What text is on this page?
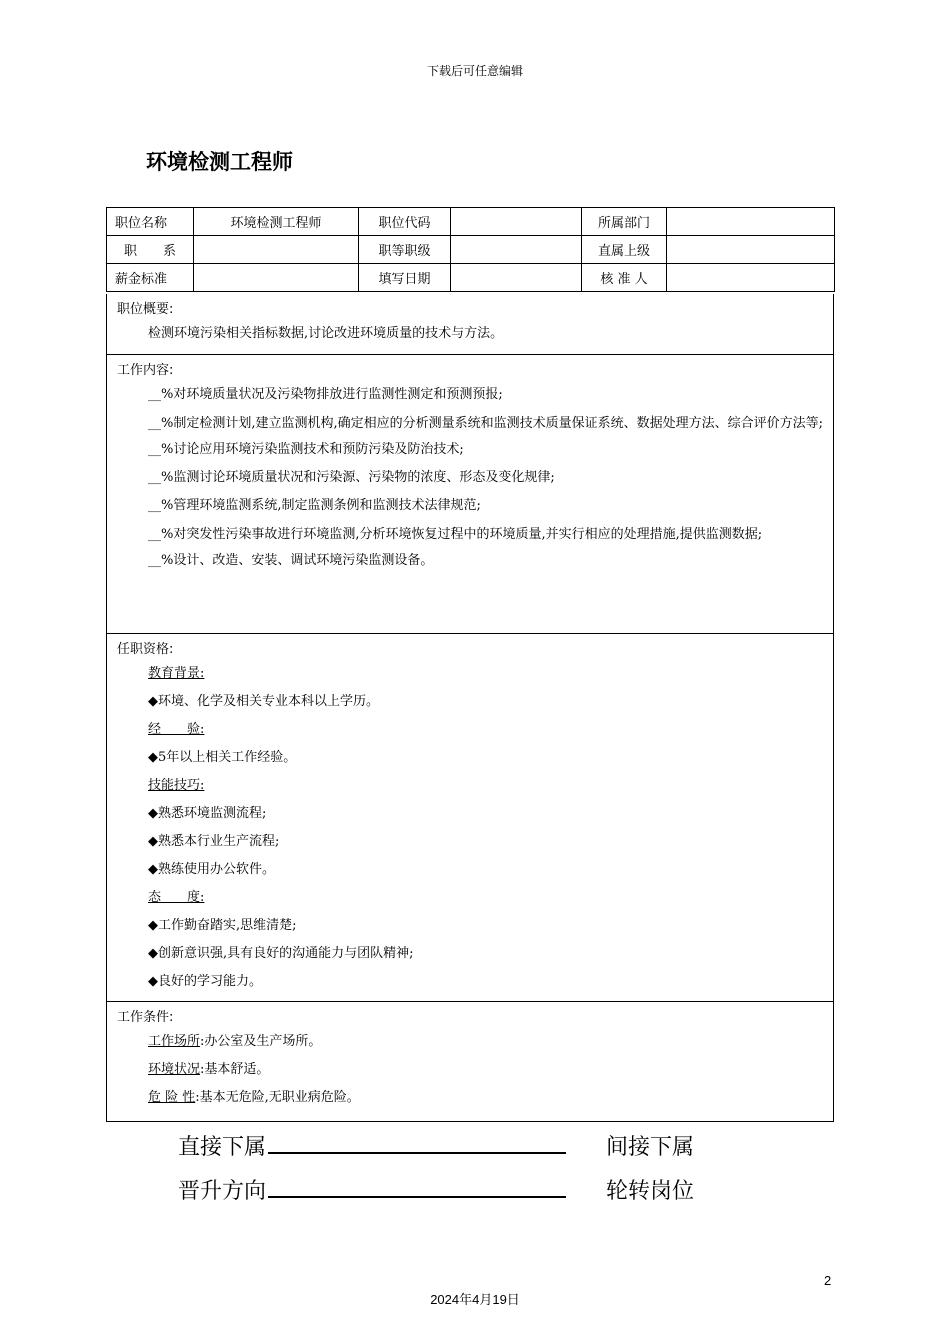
下载后可任意编辑
环境检测工程师
职位名称	环境检测工程师	职位代码		所属部门	
职　　系		职等职级		直属上级	
薪金标准		填写日期		核 准 人	
职位概要:

检测环境污染相关指标数据,讨论改进环境质量的技术与方法。

工作内容:

__%对环境质量状况及污染物排放进行监测性测定和预测预报;

__%制定检测计划,建立监测机构,确定相应的分析测量系统和监测技术质量保证系统、数据处理方法、综合评价方法等;

__%讨论应用环境污染监测技术和预防污染及防治技术;

__%监测讨论环境质量状况和污染源、污染物的浓度、形态及变化规律;

__%管理环境监测系统,制定监测条例和监测技术法律规范;

__%对突发性污染事故进行环境监测,分析环境恢复过程中的环境质量,并实行相应的处理措施,提供监测数据;

__%设计、改造、安装、调试环境污染监测设备。

任职资格:

教育背景:

◆环境、化学及相关专业本科以上学历。

经　　验:

◆5年以上相关工作经验。

技能技巧:

◆熟悉环境监测流程;

◆熟悉本行业生产流程;

◆熟练使用办公软件。

态　　度:

◆工作勤奋踏实,思维清楚;

◆创新意识强,具有良好的沟通能力与团队精神;

◆良好的学习能力。

工作条件:

工作场所:办公室及生产场所。

环境状况:基本舒适。

危 险 性:基本无危险,无职业病危险。

直接下属	间接下属
晋升方向	轮转岗位
2
2024年4月19日
